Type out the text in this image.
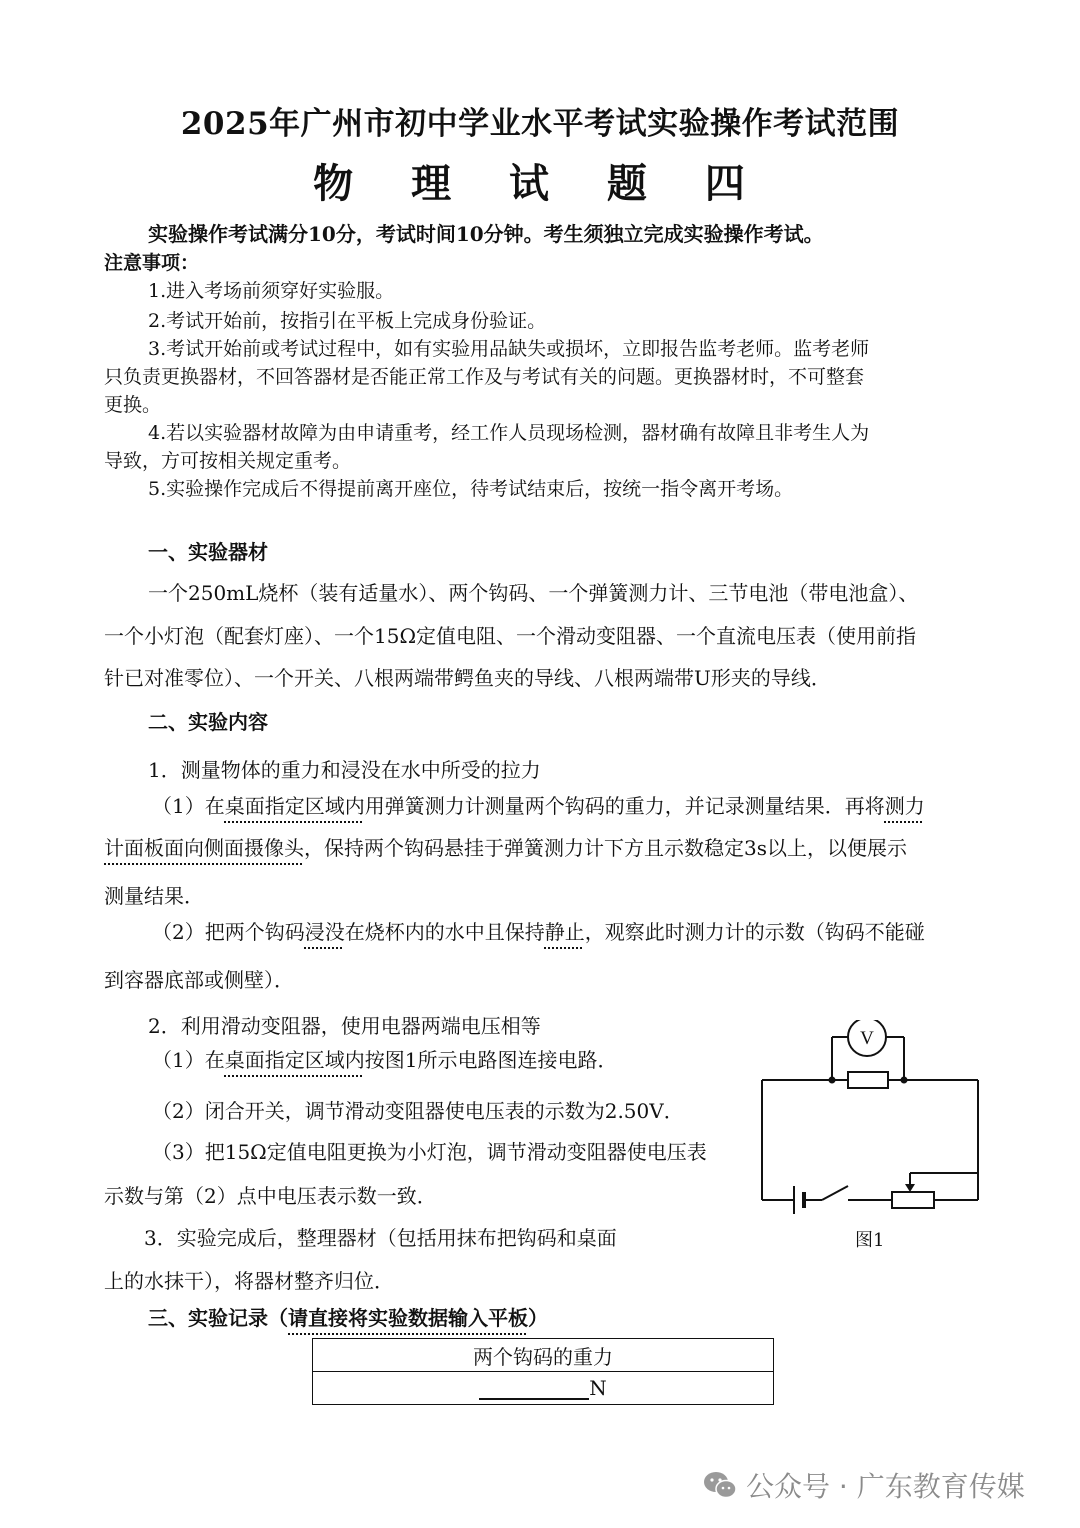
2025年广州市初中学业水平考试实验操作考试范围
物 理 试 题 四
实验操作考试满分10分，考试时间10分钟。考生须独立完成实验操作考试。
注意事项：
1.进入考场前须穿好实验服。
2.考试开始前，按指引在平板上完成身份验证。
3.考试开始前或考试过程中，如有实验用品缺失或损坏，立即报告监考老师。监考老师
只负责更换器材，不回答器材是否能正常工作及与考试有关的问题。更换器材时，不可整套
更换。
4.若以实验器材故障为由申请重考，经工作人员现场检测，器材确有故障且非考生人为
导致，方可按相关规定重考。
5.实验操作完成后不得提前离开座位，待考试结束后，按统一指令离开考场。
一、实验器材
一个250mL烧杯（装有适量水）、两个钩码、一个弹簧测力计、三节电池（带电池盒）、
一个小灯泡（配套灯座）、一个15Ω定值电阻、一个滑动变阻器、一个直流电压表（使用前指
针已对准零位）、一个开关、八根两端带鳄鱼夹的导线、八根两端带U形夹的导线．
二、实验内容
1．测量物体的重力和浸没在水中所受的拉力
（1）在桌面指定区域内用弹簧测力计测量两个钩码的重力，并记录测量结果．再将测力
计面板面向侧面摄像头，保持两个钩码悬挂于弹簧测力计下方且示数稳定3s以上，以便展示
测量结果．
（2）把两个钩码浸没在烧杯内的水中且保持静止，观察此时测力计的示数（钩码不能碰
到容器底部或侧壁）．
2．利用滑动变阻器，使用电器两端电压相等
（1）在桌面指定区域内按图1所示电路图连接电路．
（2）闭合开关，调节滑动变阻器使电压表的示数为2.50V．
（3）把15Ω定值电阻更换为小灯泡，调节滑动变阻器使电压表
示数与第（2）点中电压表示数一致．
3．实验完成后，整理器材（包括用抹布把钩码和桌面
上的水抹干），将器材整齐归位．
V
图1
三、实验记录（请直接将实验数据输入平板）
两个钩码的重力
N
公众号 · 广东教育传媒
